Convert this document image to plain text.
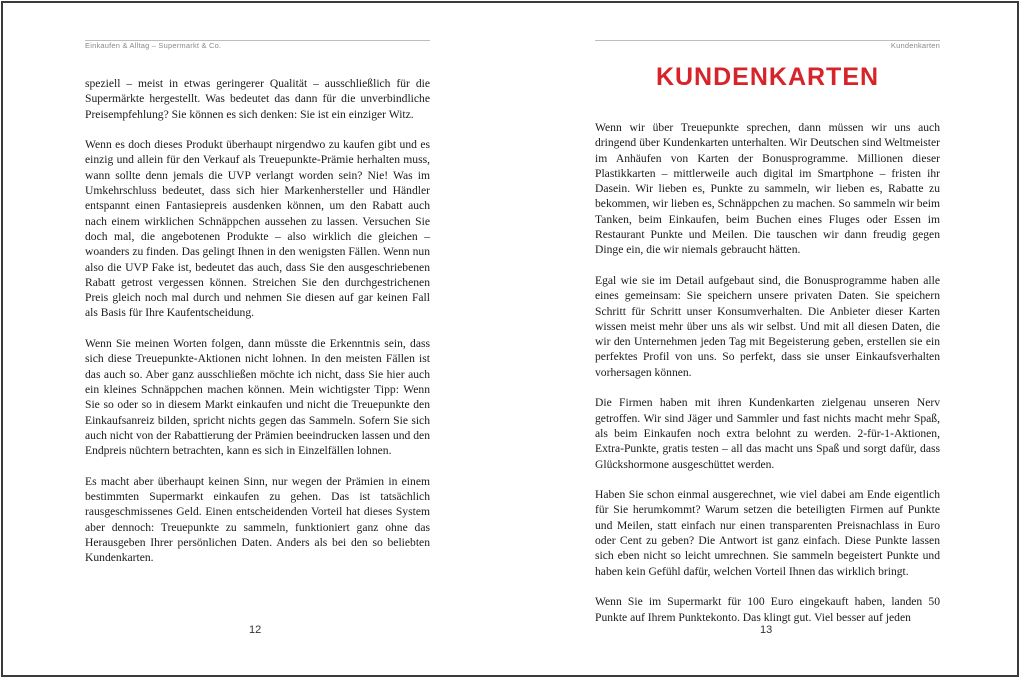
Einkaufen & Alltag – Supermarkt & Co.

speziell – meist in etwas geringerer Qualität – ausschließlich für die Supermärkte hergestellt. Was bedeutet das dann für die unverbindliche Preisempfehlung? Sie können es sich denken: Sie ist ein einziger Witz.

Wenn es doch dieses Produkt überhaupt nirgendwo zu kaufen gibt und es einzig und allein für den Verkauf als Treuepunkte-Prämie herhalten muss, wann sollte denn jemals die UVP verlangt worden sein? Nie! Was im Umkehrschluss bedeutet, dass sich hier Markenhersteller und Händler entspannt einen Fantasiepreis ausdenken können, um den Rabatt auch nach einem wirklichen Schnäppchen aussehen zu lassen. Versuchen Sie doch mal, die angebotenen Produkte – also wirklich die gleichen – woanders zu finden. Das gelingt Ihnen in den wenigsten Fällen. Wenn nun also die UVP Fake ist, bedeutet das auch, dass Sie den ausgeschriebenen Rabatt getrost vergessen können. Streichen Sie den durchgestrichenen Preis gleich noch mal durch und nehmen Sie diesen auf gar keinen Fall als Basis für Ihre Kaufentscheidung.

Wenn Sie meinen Worten folgen, dann müsste die Erkenntnis sein, dass sich diese Treuepunkte-Aktionen nicht lohnen. In den meisten Fällen ist das auch so. Aber ganz ausschließen möchte ich nicht, dass Sie hier auch ein kleines Schnäppchen machen können. Mein wichtigster Tipp: Wenn Sie so oder so in diesem Markt einkaufen und nicht die Treuepunkte den Einkaufsanreiz bilden, spricht nichts gegen das Sammeln. Sofern Sie sich auch nicht von der Rabattierung der Prämien beeindrucken lassen und den Endpreis nüchtern betrachten, kann es sich in Einzelfällen lohnen.

Es macht aber überhaupt keinen Sinn, nur wegen der Prämien in einem bestimmten Supermarkt einkaufen zu gehen. Das ist tatsächlich rausgeschmissenes Geld. Einen entscheidenden Vorteil hat dieses System aber dennoch: Treuepunkte zu sammeln, funktioniert ganz ohne das Herausgeben Ihrer persönlichen Daten. Anders als bei den so beliebten Kundenkarten.

12
Kundenkarten
KUNDENKARTEN

Wenn wir über Treuepunkte sprechen, dann müssen wir uns auch dringend über Kundenkarten unterhalten. Wir Deutschen sind Weltmeister im Anhäufen von Karten der Bonusprogramme. Millionen dieser Plastikkarten – mittlerweile auch digital im Smartphone – fristen ihr Dasein. Wir lieben es, Punkte zu sammeln, wir lieben es, Rabatte zu bekommen, wir lieben es, Schnäppchen zu machen. So sammeln wir beim Tanken, beim Einkaufen, beim Buchen eines Fluges oder Essen im Restaurant Punkte und Meilen. Die tauschen wir dann freudig gegen Dinge ein, die wir niemals gebraucht hätten.

Egal wie sie im Detail aufgebaut sind, die Bonusprogramme haben alle eines gemeinsam: Sie speichern unsere privaten Daten. Sie speichern Schritt für Schritt unser Konsumverhalten. Die Anbieter dieser Karten wissen meist mehr über uns als wir selbst. Und mit all diesen Daten, die wir den Unternehmen jeden Tag mit Begeisterung geben, erstellen sie ein perfektes Profil von uns. So perfekt, dass sie unser Einkaufsverhalten vorhersagen können.

Die Firmen haben mit ihren Kundenkarten zielgenau unseren Nerv getroffen. Wir sind Jäger und Sammler und fast nichts macht mehr Spaß, als beim Einkaufen noch extra belohnt zu werden. 2-für-1-Aktionen, Extra-Punkte, gratis testen – all das macht uns Spaß und sorgt dafür, dass Glückshormone ausgeschüttet werden.

Haben Sie schon einmal ausgerechnet, wie viel dabei am Ende eigentlich für Sie herumkommt? Warum setzen die beteiligten Firmen auf Punkte und Meilen, statt einfach nur einen transparenten Preisnachlass in Euro oder Cent zu geben? Die Antwort ist ganz einfach. Diese Punkte lassen sich eben nicht so leicht umrechnen. Sie sammeln begeistert Punkte und haben kein Gefühl dafür, welchen Vorteil Ihnen das wirklich bringt.

Wenn Sie im Supermarkt für 100 Euro eingekauft haben, landen 50 Punkte auf Ihrem Punktekonto. Das klingt gut. Viel besser auf jeden

13
